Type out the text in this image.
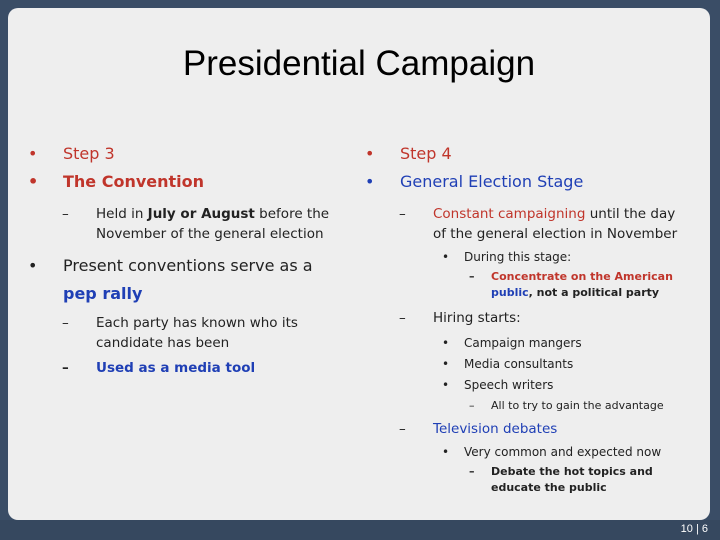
Presidential Campaign
• Step 3
• The Convention
– Held in July or August before the
November of the general election
• Present conventions serve as a
pep rally
– Each party has known who its
candidate has been
– Used as a media tool
• Step 4
• General Election Stage
– Constant campaigning until the day
of the general election in November
• During this stage:
– Concentrate on the American
public, not a political party
– Hiring starts:
• Campaign mangers
• Media consultants
• Speech writers
– All to try to gain the advantage
– Television debates
• Very common and expected now
– Debate the hot topics and
educate the public
10 | 6
